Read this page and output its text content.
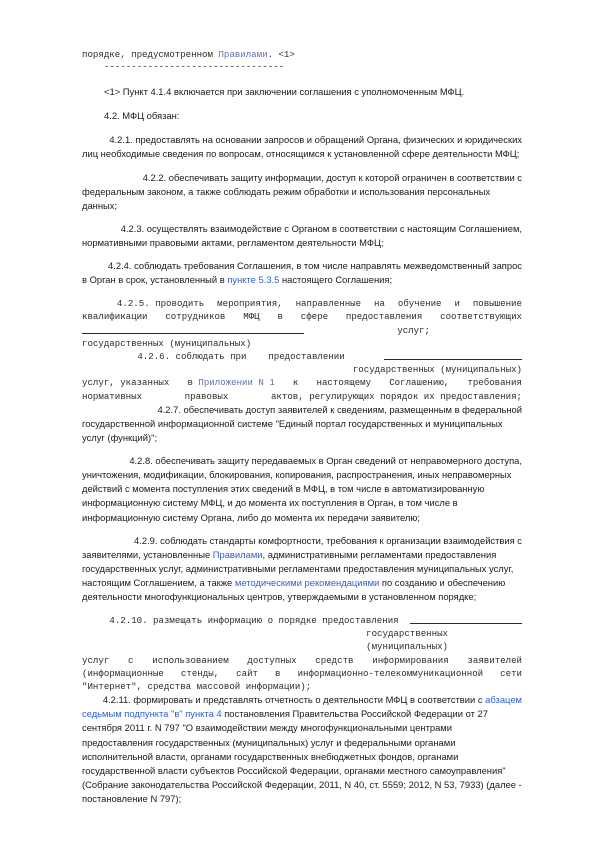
порядке, предусмотренном Правилами. <1>
---------------------------------

<1> Пункт 4.1.4 включается при заключении соглашения с уполномоченным МФЦ.

4.2. МФЦ обязан:

4.2.1. предоставлять на основании запросов и обращений Органа, физических и юридических
лиц необходимые сведения по вопросам, относящимся к установленной сфере деятельности МФЦ;
4.2.2. обеспечивать защиту информации, доступ к которой ограничен в соответствии с
федеральным законом, а также соблюдать режим обработки и использования персональных
данных;
4.2.3. осуществлять взаимодействие с Органом в соответствии с настоящим Соглашением,
нормативными правовыми актами, регламентом деятельности МФЦ;
4.2.4. соблюдать требования Соглашения, в том числе направлять межведомственный запрос
в Орган в срок, установленный в пункте 5.3.5 настоящего Соглашения;
4.2.5. проводить мероприятия, направленные на обучение и повышение
квалификации сотрудников МФЦ в сфере предоставления соответствующих
услуг;
государственных (муниципальных)
4.2.6. соблюдать при    предоставлении
государственных (муниципальных)
услуг, указанных в Приложении N 1 к настоящему Соглашению, требования
нормативных	правовых	актов, регулирующих порядок их предоставления;
4.2.7. обеспечивать доступ заявителей к сведениям, размещенным в федеральной
государственной информационной системе "Единый портал государственных и муниципальных
услуг (функций)";
4.2.8. обеспечивать защиту передаваемых в Орган сведений от неправомерного доступа,
уничтожения, модификации, блокирования, копирования, распространения, иных неправомерных
действий с момента поступления этих сведений в МФЦ, в том числе в автоматизированную
информационную систему МФЦ, и до момента их поступления в Орган, в том числе в
информационную систему Органа, либо до момента их передачи заявителю;
4.2.9. соблюдать стандарты комфортности, требования к организации взаимодействия с
заявителями, установленные Правилами, административными регламентами предоставления
государственных услуг, административными регламентами предоставления муниципальных услуг,
настоящим Соглашением, а также методическими рекомендациями по созданию и обеспечению
деятельности многофункциональных центров, утверждаемыми в установленном порядке;
4.2.10. размещать информацию о порядке предоставления
государственных
(муниципальных)
услуг с использованием доступных средств информирования заявителей
(информационные стенды, сайт в информационно-телекоммуникационной сети
"Интернет", средства массовой информации);
4.2.11. формировать и представлять отчетность о деятельности МФЦ в соответствии с абзацем
седьмым подпункта "в" пункта 4 постановления Правительства Российской Федерации от 27
сентября 2011 г. N 797 "О взаимодействии между многофункциональными центрами
предоставления государственных (муниципальных) услуг и федеральными органами
исполнительной власти, органами государственных внебюджетных фондов, органами
государственной власти субъектов Российской Федерации, органами местного самоуправления"
(Собрание законодательства Российской Федерации, 2011, N 40, ст. 5559; 2012, N 53, 7933) (далее -
постановление N 797);
